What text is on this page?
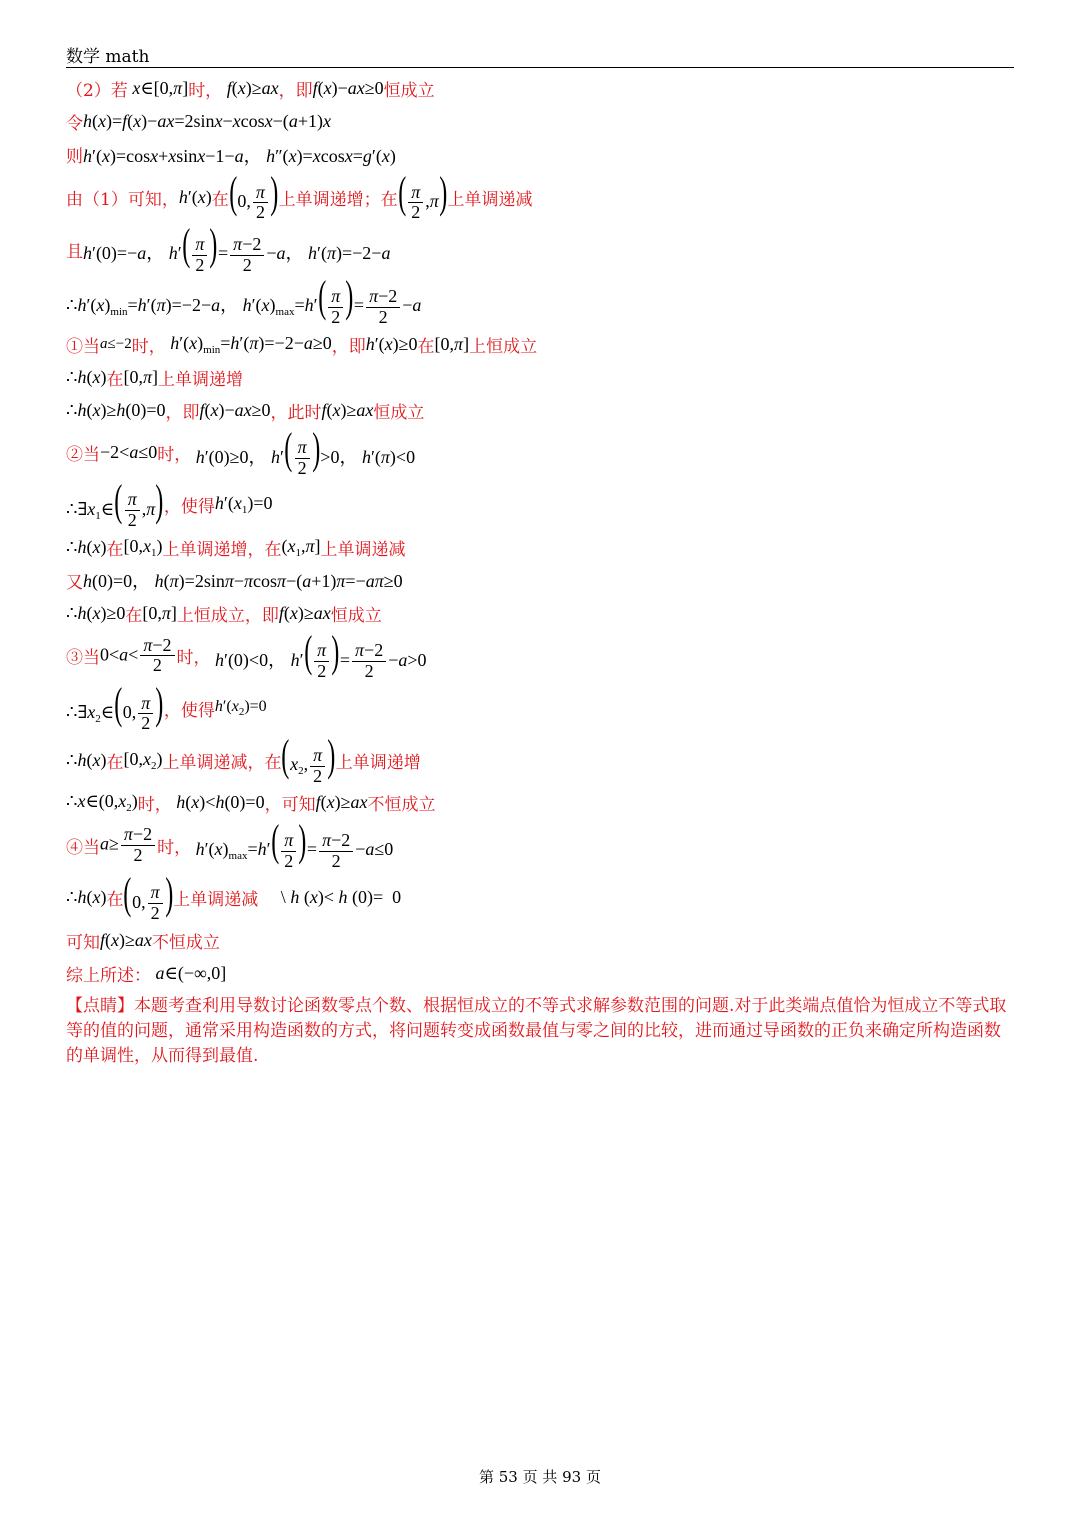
数学 math
（2）若 x∈[0,π] 时， f(x)≥ax ，即 f(x)−ax≥0 恒成立
令 h(x)=f(x)−ax=2sinx−xcosx−(a+1)x
则 h′(x)=cosx+xsinx−1−a， h″(x)=xcosx=g′(x)
由（1）可知， h′(x) 在 (0, $\frac{\pi}{2}$ ) 上单调递增；在 ( $\frac{\pi}{2} ,\pi$) 上单调递减
且 h′(0)=−a， $h'( \frac{\pi}{2}$ )= $\frac{\pi-2}{2} -a$， h′(π)=−2−a
$\therefore h'(x)_{min}=h'(\pi)=-2-a$， $h'(x)_{max}=h'( \frac{\pi}{2}$ )= $\frac{\pi-2}{2} -a$
①当 a≤−2 时， $h'(x)_{min}=h'(\pi)=-2-a\ge 0$ ，即 h′(x)≥0 在 [0,π] 上恒成立
∴h(x) 在 [0,π] 上单调递增
∴h(x)≥h(0)=0 ，即 f(x)−ax≥0 ，此时 f(x)≥ax 恒成立
②当 −2<a≤0 时， h′(0)≥0， $h'( \frac{\pi}{2} )>0$， h′(π)<0
$\therefore\exists x_1\in( \frac{\pi}{2} ,\pi)$ ，使得 $h'(x_1)=0$
∴h(x) 在 $[0,x_1)$ 上单调递增，在 $(x_1,\pi]$ 上单调递减
又 h(0)=0， h(π)=2sinπ−πcosπ−(a+1)π=−aπ≥0
∴h(x)≥0 在 [0,π] 上恒成立，即 f(x)≥ax 恒成立
③当 $0<a< \frac{\pi-2}{2}$ 时， h′(0)<0， $h'( \frac{\pi}{2}$ )= $\frac{\pi-2}{2} -a>0$
$\therefore\exists x_2\in(0$, $\frac{\pi}{2}$ ) ，使得 $h'(x_2)=0$
∴h(x) 在 $[0,x_2)$ 上单调递减，在 ($x_2$, $\frac{\pi}{2}$ ) 上单调递增
$\therefore x\in(0,x_2)$ 时， h(x)<h(0)=0 ，可知 f(x)≥ax 不恒成立
④当 $a\ge \frac{\pi-2}{2}$ 时， $h'(x)_{max}=h'( \frac{\pi}{2}$ )= $\frac{\pi-2}{2} -a\le 0$
∴h(x) 在 (0, $\frac{\pi}{2}$ ) 上单调递减 \ h (x)< h (0)=  0
可知 f(x)≥ax 不恒成立
综上所述： a∈(−∞,0]
【点睛】本题考查利用导数讨论函数零点个数、根据恒成立的不等式求解参数范围的问题.对于此类端点值恰为恒成立不等式取等的值的问题，通常采用构造函数的方式，将问题转变成函数最值与零之间的比较，进而通过导函数的正负来确定所构造函数的单调性，从而得到最值.
第 53 页 共 93 页
